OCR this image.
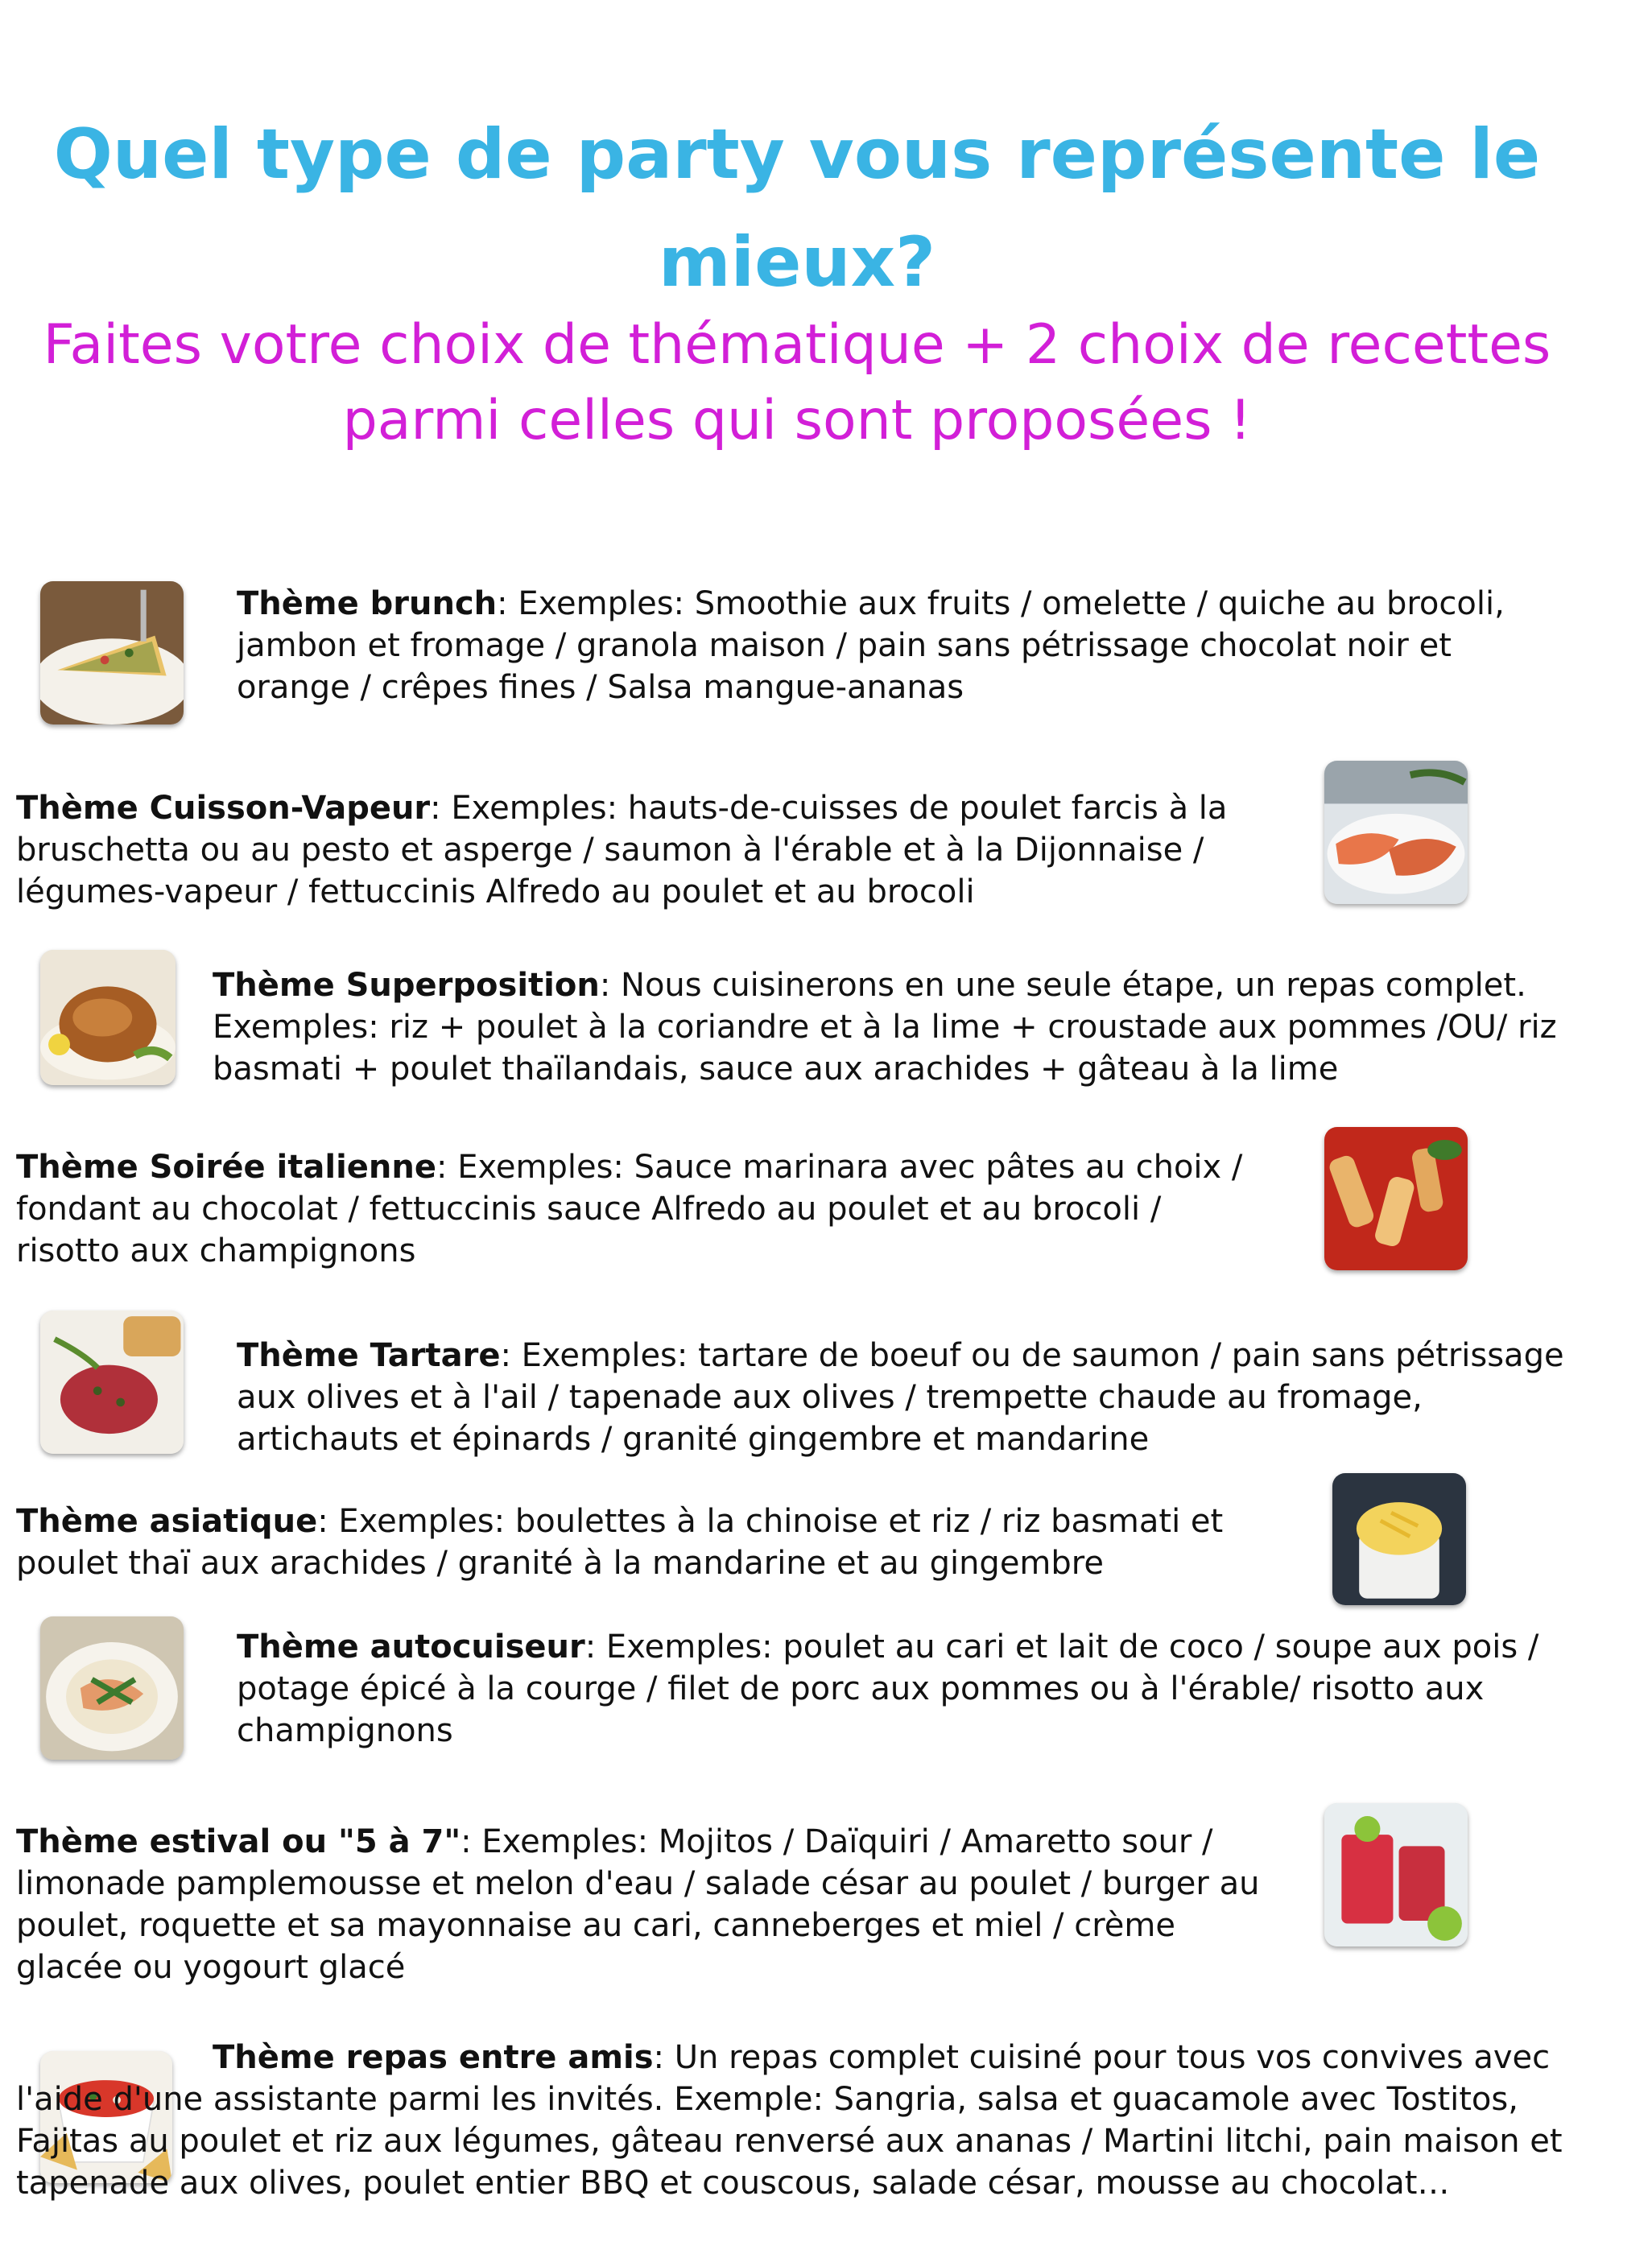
Quel type de party vous représente le mieux?

Faites votre choix de thématique + 2 choix de recettes parmi celles qui sont proposées !

Thème brunch: Exemples: Smoothie aux fruits / omelette / quiche au brocoli, jambon et fromage / granola maison / pain sans pétrissage chocolat noir et orange / crêpes fines / Salsa mangue-ananas

Thème Cuisson-Vapeur: Exemples: hauts-de-cuisses de poulet farcis à la bruschetta ou au pesto et asperge / saumon à l'érable et à la Dijonnaise / légumes-vapeur / fettuccinis Alfredo au poulet et au brocoli

Thème Superposition: Nous cuisinerons en une seule étape, un repas complet. Exemples: riz + poulet à la coriandre et à la lime + croustade aux pommes /OU/ riz basmati + poulet thaïlandais, sauce aux arachides + gâteau à la lime

Thème Soirée italienne: Exemples: Sauce marinara avec pâtes au choix / fondant au chocolat / fettuccinis sauce Alfredo au poulet et au brocoli / risotto aux champignons

Thème Tartare: Exemples: tartare de boeuf ou de saumon / pain sans pétrissage aux olives et à l'ail / tapenade aux olives / trempette chaude au fromage, artichauts et épinards / granité gingembre et mandarine

Thème asiatique: Exemples: boulettes à la chinoise et riz / riz basmati et poulet thaï aux arachides / granité à la mandarine et au gingembre

Thème autocuiseur: Exemples: poulet au cari et lait de coco / soupe aux pois / potage épicé à la courge / filet de porc aux pommes ou à l'érable/ risotto aux champignons

Thème estival ou "5 à 7": Exemples: Mojitos / Daïquiri / Amaretto sour / limonade pamplemousse et melon d'eau / salade césar au poulet / burger au poulet, roquette et sa mayonnaise au cari, canneberges et miel / crème glacée ou yogourt glacé

Thème repas entre amis: Un repas complet cuisiné pour tous vos convives avec l'aide d'une assistante parmi les invités. Exemple: Sangria, salsa et guacamole avec Tostitos, Fajitas au poulet et riz aux légumes, gâteau renversé aux ananas / Martini litchi, pain maison et tapenade aux olives, poulet entier BBQ et couscous, salade césar, mousse au chocolat…
